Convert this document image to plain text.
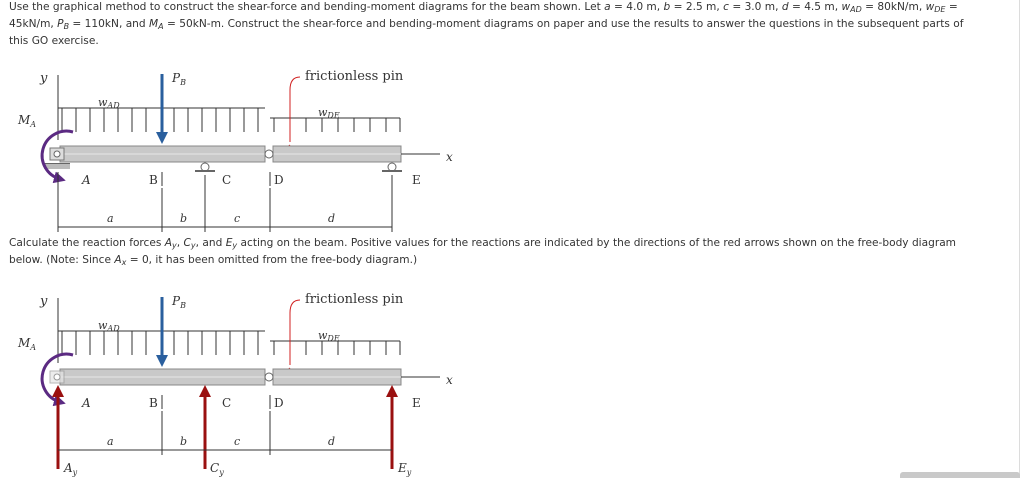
Use the graphical method to construct the shear-force and bending-moment diagrams for the beam shown. Let a = 4.0 m, b = 2.5 m, c = 3.0 m, d = 4.5 m, $w_{AD} = 80kN/m$, $w_{DE}$ =

45kN/m, $P_B = 110kN$, and $M_A = 50kN-m$. Construct the shear-force and bending-moment diagrams on paper and use the results to answer the questions in the subsequent parts of

this GO exercise.

Calculate the reaction forces $A_y$, $C_y$, and $E_y$ acting on the beam. Positive values for the reactions are indicated by the directions of the red arrows shown on the free-body diagram

below. (Note: Since $A_x = 0$, it has been omitted from the free-body diagram.)

y
wAD
wDE
$P_B$	frictionless pin
x
$M_A$
A	B	C	D	E
a	b	c	d
y
wAD
wDE
$P_B$	frictionless pin
x
$M_A$
A	B	C	D	E
a	b	c	d
$A_y$	$C_y$	$E_y$
